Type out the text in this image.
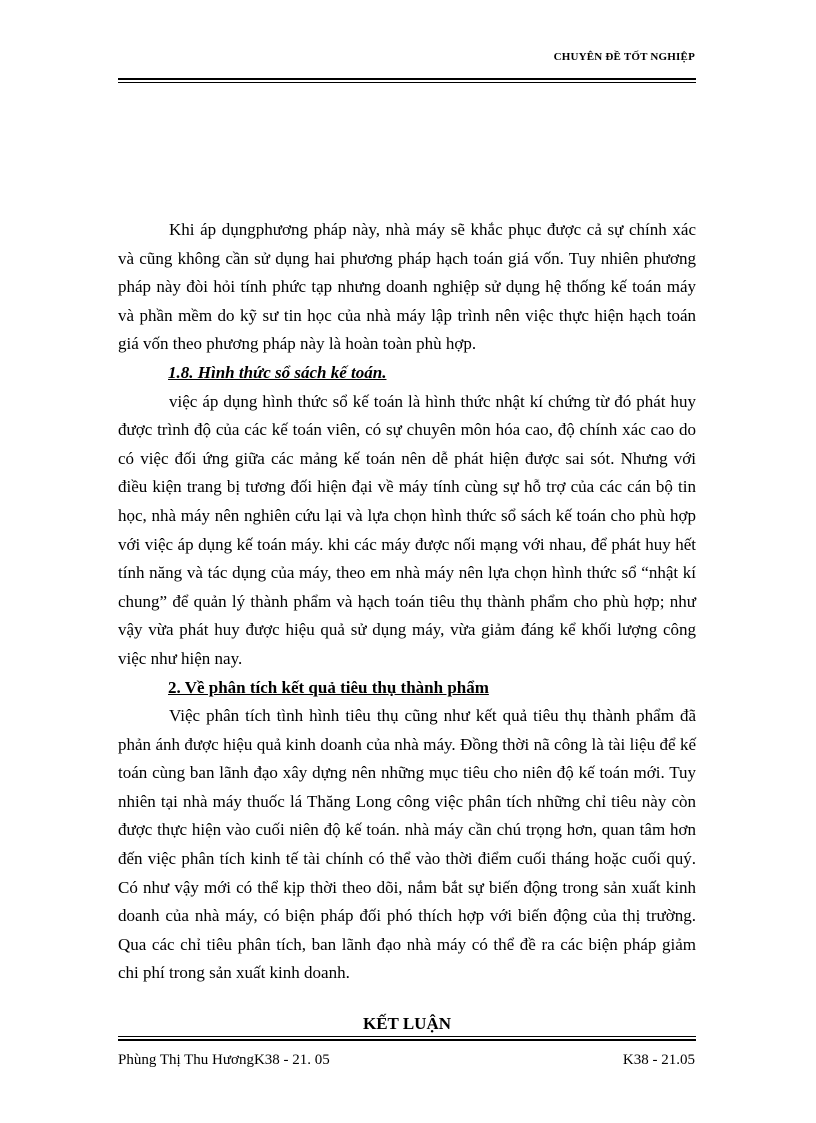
CHUYÊN ĐỀ TỐT NGHIỆP

Khi áp dụngphương pháp này, nhà máy sẽ khắc phục được cả sự chính xác và cũng không cần sử dụng hai phương pháp hạch toán giá vốn. Tuy nhiên phương pháp này đòi hỏi tính phức tạp nhưng doanh nghiệp sử dụng hệ thống kế toán máy và phần mềm do kỹ sư tin học của nhà máy lập trình nên việc thực hiện hạch toán giá vốn theo phương pháp này là hoàn toàn phù hợp.

1.8. Hình thức sổ sách kế toán.

việc áp dụng hình thức sổ kế toán là hình thức nhật kí chứng từ đó phát huy được trình độ của các kế toán viên, có sự chuyên môn hóa cao, độ chính xác cao do có việc đối ứng giữa các mảng kế toán nên dễ phát hiện được sai sót. Nhưng với điều kiện trang bị tương đối hiện đại về máy tính cùng sự hỗ trợ của các cán bộ tin học, nhà máy nên nghiên cứu lại và lựa chọn hình thức sổ sách kế toán cho phù hợp với việc áp dụng kế toán máy. khi các máy được nối mạng với nhau, để phát huy hết tính năng và tác dụng của máy, theo em nhà máy nên lựa chọn hình thức sổ “nhật kí chung” để quản lý thành phẩm và hạch toán tiêu thụ thành phẩm cho phù hợp; như vậy vừa phát huy được hiệu quả sử dụng máy, vừa giảm đáng kể khối lượng công việc như hiện nay.

2. Về phân tích kết quả tiêu thụ thành phẩm

Việc phân tích tình hình tiêu thụ cũng như kết quả tiêu thụ thành phẩm đã phản ánh được hiệu quả kinh doanh của nhà máy. Đồng thời nã công là tài liệu để kế toán cùng ban lãnh đạo xây dựng nên những mục tiêu cho niên độ kế toán mới. Tuy nhiên tại nhà máy thuốc lá Thăng Long công việc phân tích những chỉ tiêu này còn được thực hiện vào cuối niên độ kế toán. nhà máy cần chú trọng hơn, quan tâm hơn đến việc phân tích kinh tế tài chính có thể vào thời điểm cuối tháng hoặc cuối quý. Có như vậy mới có thể kịp thời theo dõi, nắm bắt sự biến động trong sản xuất kinh doanh của nhà máy, có biện pháp đối phó thích hợp với biến động của thị trường. Qua các chỉ tiêu phân tích, ban lãnh đạo nhà máy có thể đề ra các biện pháp giảm chi phí trong sản xuất kinh doanh.

KẾT LUẬN
Phùng Thị Thu HươngK38 - 21. 05	K38 - 21.05
